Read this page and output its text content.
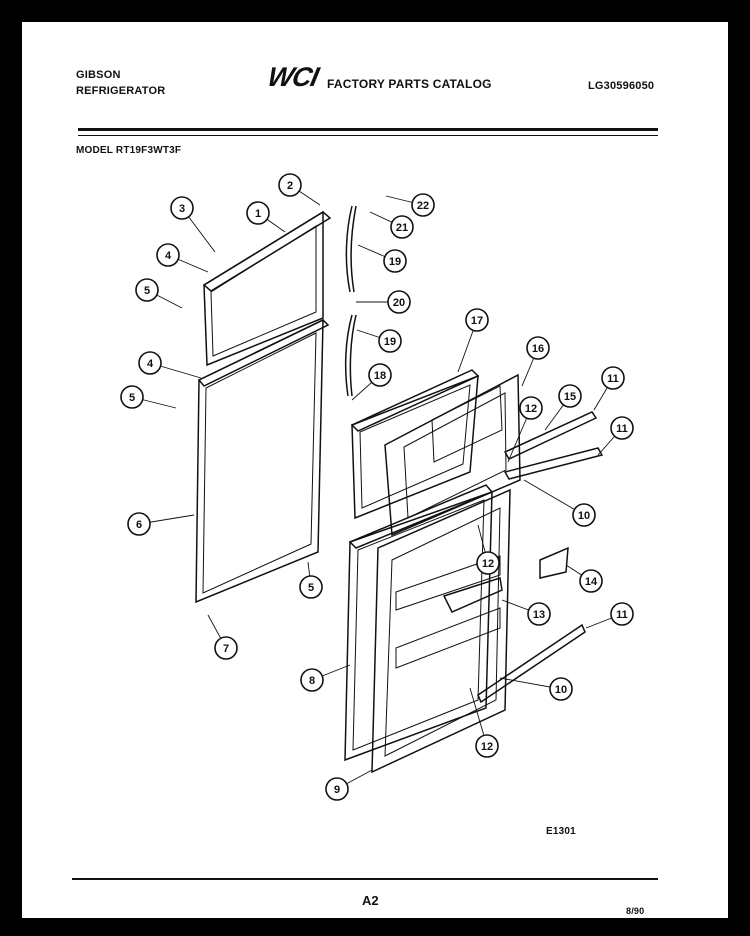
GIBSON
REFRIGERATOR	WCI FACTORY PARTS CATALOG	LG30596050
MODEL RT19F3WT3F
1
2
3
4
4
5
5
5
6
7
8
9
10
10
11
11
11
12
12
12
13
14
15
16
17
18
19
19
20
21
22
E1301
A2
8/90
